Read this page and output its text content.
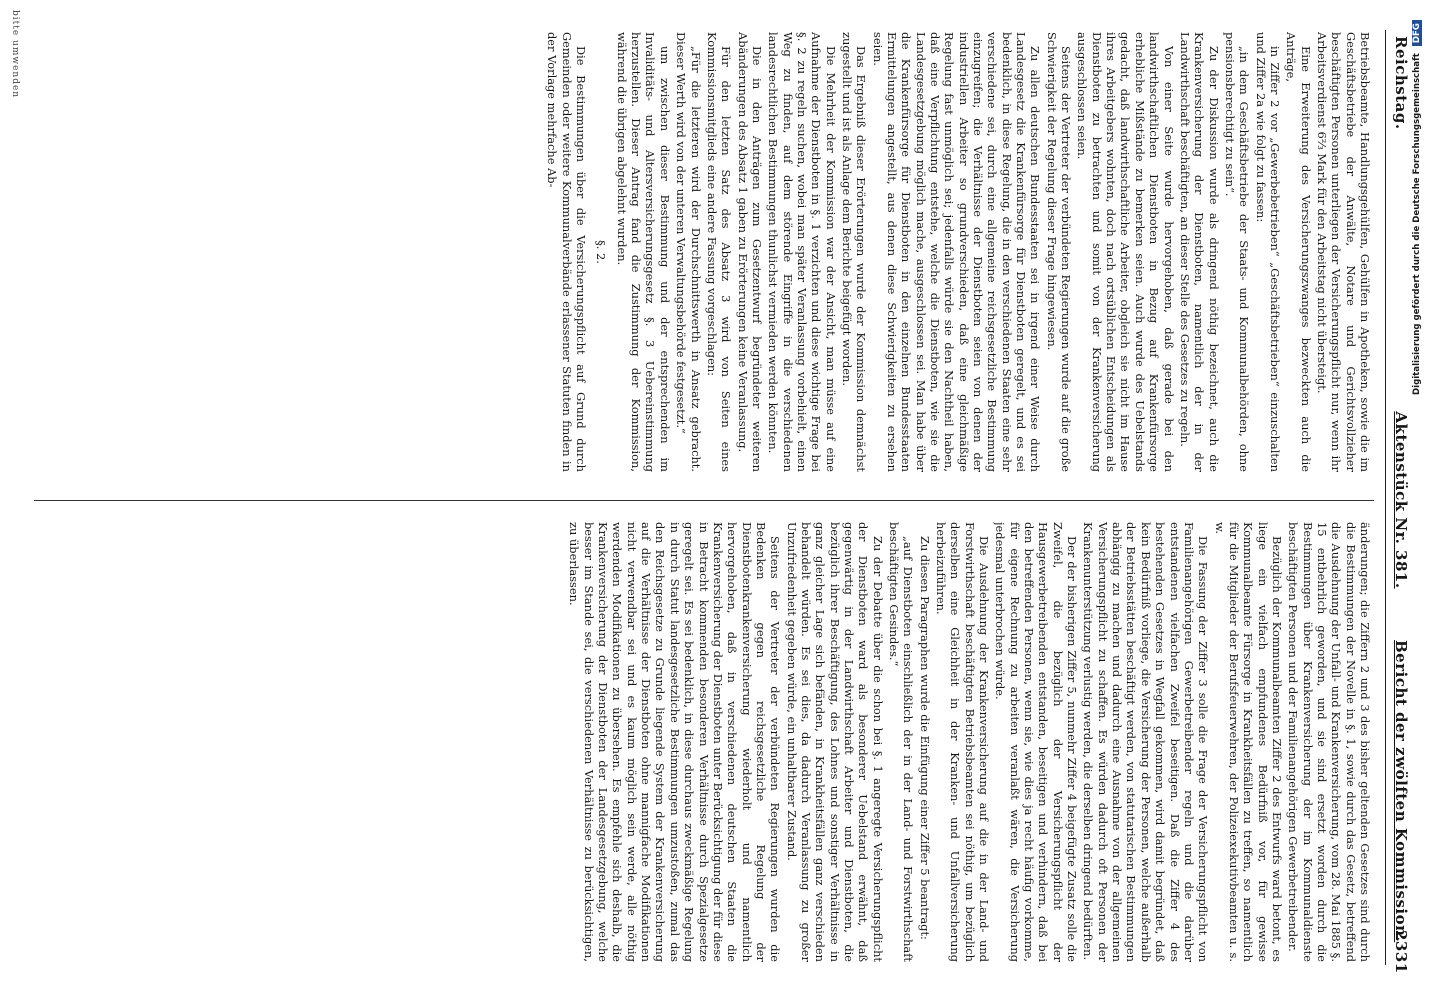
Digitalisierung gefördert durch die Deutsche Forschungsgemeinschaft DFG
Reichstag.
Aktenstück Nr. 381.
Bericht der zwölften Kommission.
2331

Betriebsbeamte, Handlungsgehülfen, Gehülfen in Apotheken, sowie die im Geschäftsbetriebe der Anwälte, Notare und Gerichtsvollzieher beschäftigten Personen unterliegen der Versicherungspflicht nur, wenn ihr Arbeitsverdienst 6⅔ Mark für den Arbeitstag nicht übersteigt.

Eine Erweiterung des Versicherungszwanges bezweckten auch die Anträge,

in Ziffer 2 vor „Gewerbebetrieben“ „Geschäftsbetrieben“ einzuschalten und Ziffer 2a wie folgt zu fassen:

„in dem Geschäftsbetriebe der Staats- und Kommunalbehörden, ohne pensionsberechtigt zu sein“.

Zu der Diskussion wurde als dringend nöthig bezeichnet, auch die Krankenversicherung der Dienstboten, namentlich der in der Landwirthschaft beschäftigten, an dieser Stelle des Gesetzes zu regeln.

Von einer Seite wurde hervorgehoben, daß gerade bei den landwirthschaftlichen Dienstboten in Bezug auf Krankenfürsorge erhebliche Mißstände zu bemerken seien. Auch wurde des Uebelstands gedacht, daß landwirthschaftliche Arbeiter, obgleich sie nicht im Hause ihres Arbeitgebers wohnten, doch nach ortsüblichen Entscheidungen als Dienstboten zu betrachten und somit von der Krankenversicherung ausgeschlossen seien.

Seitens der Vertreter der verbündeten Regierungen wurde auf die große Schwierigkeit der Regelung dieser Frage hingewiesen.

Zu allen deutschen Bundesstaaten sei in irgend einer Weise durch Landesgesetz die Krankenfürsorge für Dienstboten geregelt, und es sei bedenklich, in diese Regelung, die in den verschiedenen Staaten eine sehr verschiedene sei, durch eine allgemeine reichsgesetzliche Bestimmung einzugreifen; die Verhältnisse der Dienstboten seien von denen der industriellen Arbeiter so grundverschieden, daß eine gleichmäßige Regelung fast unmöglich sei; jedenfalls würde sie den Nachtheil haben, daß eine Verpflichtung entstehe, welche die Dienstboten, wie sie die Landesgesetzgebung möglich mache, ausgeschlossen sei. Man habe über die Krankenfürsorge für Dienstboten in den einzelnen Bundesstaaten Ermittelungen angestellt, aus denen diese Schwierigkeiten zu ersehen seien.

Das Ergebniß dieser Erörterungen wurde der Kommission demnächst zugestellt und ist als Anlage dem Berichte beigefügt worden.

Die Mehrheit der Kommission war der Ansicht, man müsse auf eine Aufnahme der Dienstboten in §. 1 verzichten und diese wichtige Frage bei §. 2 zu regeln suchen, wobei man später Veranlassung vorbehielt, einen Weg zu finden, auf dem störende Eingriffe in die verschiedenen landesrechtlichen Bestimmungen thunlichst vermieden werden könnten.

Die in den Anträgen zum Gesetzentwurf begründeter weiteren Abänderungen des Absatz 1 gaben zu Erörterungen keine Veranlassung.

Für den letzten Satz des Absatz 3 wird von Seiten eines Kommissionsmitglieds eine andere Fassung vorgeschlagen:

„Für die letzteren wird der Durchschnittswerth in Ansatz gebracht. Dieser Werth wird von der unteren Verwaltungsbehörde festgesetzt.“

um zwischen dieser Bestimmung und der entsprechenden im Invaliditäts- und Altersversicherungsgesetz §. 3 Uebereinstimmung herzustellen. Dieser Antrag fand die Zustimmung der Kommission, während die übrigen abgelehnt wurden.

§. 2.

Die Bestimmungen über die Versicherungspflicht auf Grund durch Gemeinden oder weitere Kommunalverbände erlassener Statuten finden in der Vorlage mehrfache Ab-

änderungen; die Ziffern 2 und 3 des bisher geltenden Gesetzes sind durch die Bestimmungen der Novelle in §. 1, sowie durch das Gesetz, betreffend die Ausdehnung der Unfall- und Krankenversicherung, vom 28. Mai 1885 §. 15 entbehrlich geworden, und sie sind ersetzt worden durch die Bestimmungen über Krankenversicherung der im Kommunaldienste beschäftigten Personen und der Familienangehörigen Gewerbetreibender.

Bezüglich der Kommunalbeamten Ziffer 2 des Entwurfs ward betont, es liege ein vielfach empfundenes Bedürfniß vor, für gewisse Kommunalbeamte Fürsorge in Krankheitsfällen zu treffen, so namentlich für die Mitglieder der Berufsfeuerwehren, der Polizeiexekutivbeamten u. s. w.

Die Fassung der Ziffer 3 solle die Frage der Versicherungspflicht von Familienangehörigen Gewerbetreibender regeln und die darüber entstandenen vielfachen Zweifel beseitigen. Daß die Ziffer 4 des bestehenden Gesetzes in Wegfall gekommen, wird damit begründet, daß kein Bedürfniß vorliege, die Versicherung der Personen, welche außerhalb der Betriebsstätten beschäftigt werden, von statutarischen Bestimmungen abhängig zu machen und dadurch eine Ausnahme von der allgemeinen Versicherungspflicht zu schaffen. Es würden dadurch oft Personen der Krankenunterstützung verlustig werden, die derselben dringend bedürften.

Der der bisherigen Ziffer 5, nunmehr Ziffer 4 beigefügte Zusatz solle die Zweifel, die bezüglich der Versicherungspflicht der Hausgewerbetreibenden entstanden, beseitigen und verhindern, daß bei den betreffenden Personen, wenn sie, wie dies ja recht häufig vorkomme, für eigene Rechnung zu arbeiten veranlaßt wären, die Versicherung jedesmal unterbrochen würde.

Die Ausdehnung der Krankenversicherung auf die in der Land- und Forstwirthschaft beschäftigten Betriebsbeamten sei nöthig, um bezüglich derselben eine Gleichheit in der Kranken- und Unfallversicherung herbeizuführen.

Zu diesen Paragraphen wurde die Einfügung einer Ziffer 5 beantragt:

„auf Dienstboten einschließlich der in der Land- und Forstwirthschaft beschäftigten Gesindes.“

Zu der Debatte über die schon bei §. 1 angeregte Versicherungspflicht der Dienstboten ward als besonderer Uebelstand erwähnt, daß gegenwärtig in der Landwirthschaft Arbeiter und Dienstboten, die bezüglich ihrer Beschäftigung, des Lohnes und sonstiger Verhältnisse in ganz gleicher Lage sich befänden, in Krankheitsfällen ganz verschieden behandelt würden. Es sei dies, da dadurch Veranlassung zu großer Unzufriedenheit gegeben würde, ein unhaltbarer Zustand.

Seitens der Vertreter der verbündeten Regierungen wurden die Bedenken gegen reichsgesetzliche Regelung der Dienstbotenkrankenversicherung wiederholt und namentlich hervorgehoben, daß in verschiedenen deutschen Staaten die Krankenversicherung der Dienstboten unter Berücksichtigung der für diese in Betracht kommenden besonderen Verhältnisse durch Spezialgesetze geregelt sei. Es sei bedenklich, in diese durchaus zweckmäßige Regelung in durch Statut landesgesetzliche Bestimmungen umzustoßen, zumal das den Reichsgesetze zu Grunde liegende System der Krankenversicherung auf die Verhältnisse der Dienstboten ohne mannigfache Modifikationen nicht verwendbar sei und es kaum möglich sein werde, alle nöthig werdenden Modifikationen zu übersehen. Es empfehle sich deshalb, die Krankenversicherung der Dienstboten der Landesgesetzgebung, welche besser im Stande sei, die verschiedenen Verhältnisse zu berücksichtigen, zu überlassen.

bitte umwenden
